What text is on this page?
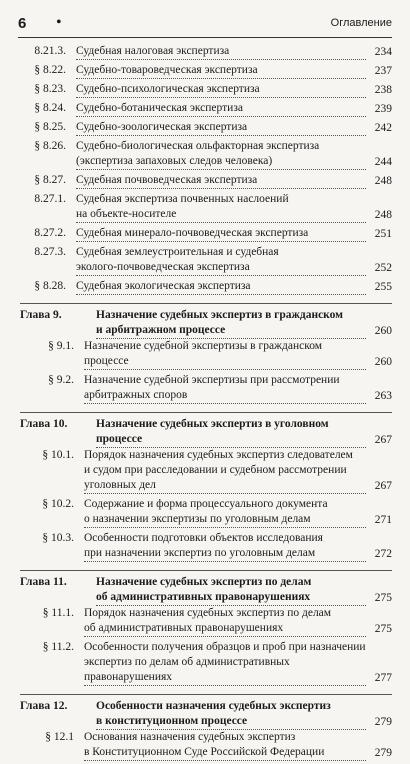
6 •	Оглавление
8.21.3. Судебная налоговая экспертиза	234
§ 8.22. Судебно-товароведческая экспертиза	237
§ 8.23. Судебно-психологическая экспертиза	238
§ 8.24. Судебно-ботаническая экспертиза	239
§ 8.25. Судебно-зоологическая экспертиза	242
§ 8.26. Судебно-биологическая ольфакторная экспертиза
(экспертиза запаховых следов человека)	244
§ 8.27. Судебная почвоведческая экспертиза	248
8.27.1. Судебная экспертиза почвенных наслоений
на объекте-носителе	248
8.27.2. Судебная минерало-почвоведческая экспертиза	251
8.27.3. Судебная землеустроительная и судебная
эколого-почвоведческая экспертиза	252
§ 8.28. Судебная экологическая экспертиза	255
Глава 9.	Назначение судебных экспертиз в гражданском
и арбитражном процессе	260
§ 9.1. Назначение судебной экспертизы в гражданском процессе	260
§ 9.2. Назначение судебной экспертизы при рассмотрении
арбитражных споров	263
Глава 10. Назначение судебных экспертиз в уголовном процессе	267
§ 10.1. Порядок назначения судебных экспертиз следователем
и судом при расследовании и судебном рассмотрении
уголовных дел	267
§ 10.2. Содержание и форма процессуального документа
о назначении экспертизы по уголовным делам	271
§ 10.3. Особенности подготовки объектов исследования
при назначении экспертиз по уголовным делам	272
Глава 11.	Назначение судебных экспертиз по делам
об административных правонарушениях	275
§ 11.1. Порядок назначения судебных экспертиз по делам
об административных правонарушениях	275
§ 11.2. Особенности получения образцов и проб при назначении
экспертиз по делам об административных
правонарушениях	277
Глава 12. Особенности назначения судебных экспертиз
в конституционном процессе	279
§ 12.1 Основания назначения судебных экспертиз
в Конституционном Суде Российской Федерации	279
